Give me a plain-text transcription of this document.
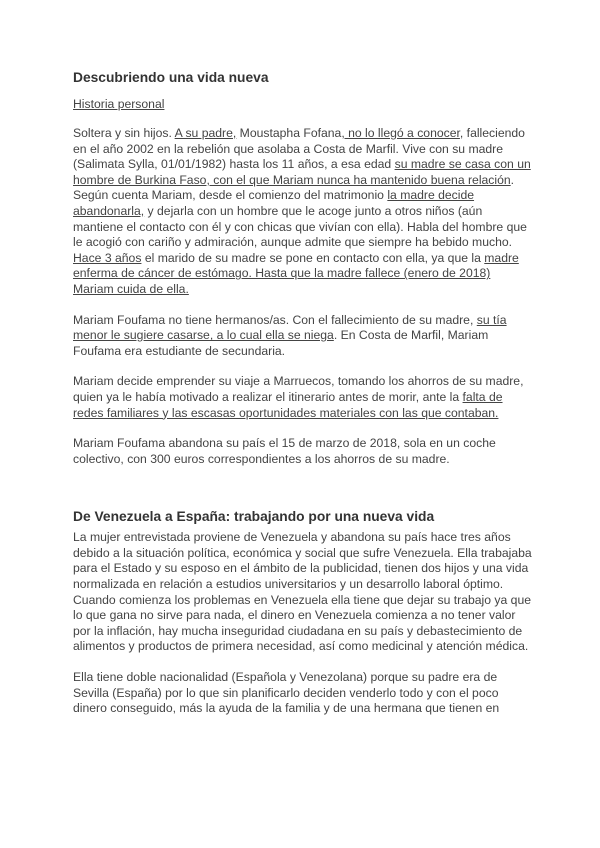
Descubriendo una vida nueva
Historia personal

Soltera y sin hijos. A su padre, Moustapha Fofana, no lo llegó a conocer, falleciendo en el año 2002 en la rebelión que asolaba a Costa de Marfil. Vive con su madre (Salimata Sylla, 01/01/1982) hasta los 11 años, a esa edad su madre se casa con un hombre de Burkina Faso, con el que Mariam nunca ha mantenido buena relación. Según cuenta Mariam, desde el comienzo del matrimonio la madre decide abandonarla, y dejarla con un hombre que le acoge junto a otros niños (aún mantiene el contacto con él y con chicas que vivían con ella). Habla del hombre que le acogió con cariño y admiración, aunque admite que siempre ha bebido mucho. Hace 3 años el marido de su madre se pone en contacto con ella, ya que la madre enferma de cáncer de estómago. Hasta que la madre fallece (enero de 2018) Mariam cuida de ella.

Mariam Foufama no tiene hermanos/as. Con el fallecimiento de su madre, su tía menor le sugiere casarse, a lo cual ella se niega. En Costa de Marfil, Mariam Foufama era estudiante de secundaria.

Mariam decide emprender su viaje a Marruecos, tomando los ahorros de su madre, quien ya le había motivado a realizar el itinerario antes de morir, ante la falta de redes familiares y las escasas oportunidades materiales con las que contaban.

Mariam Foufama abandona su país el 15 de marzo de 2018, sola en un coche colectivo, con 300 euros correspondientes a los ahorros de su madre.

De Venezuela a España: trabajando por una nueva vida

La mujer entrevistada proviene de Venezuela y abandona su país hace tres años debido a la situación política, económica y social que sufre Venezuela. Ella trabajaba para el Estado y su esposo en el ámbito de la publicidad, tienen dos hijos y una vida normalizada en relación a estudios universitarios y un desarrollo laboral óptimo. Cuando comienza los problemas en Venezuela ella tiene que dejar su trabajo ya que lo que gana no sirve para nada, el dinero en Venezuela comienza a no tener valor por la inflación, hay mucha inseguridad ciudadana en su país y debastecimiento de alimentos y productos de primera necesidad, así como medicinal y atención médica.

Ella tiene doble nacionalidad (Española y Venezolana) porque su padre era de Sevilla (España) por lo que sin planificarlo deciden venderlo todo y con el poco dinero conseguido, más la ayuda de la familia y de una hermana que tienen en
